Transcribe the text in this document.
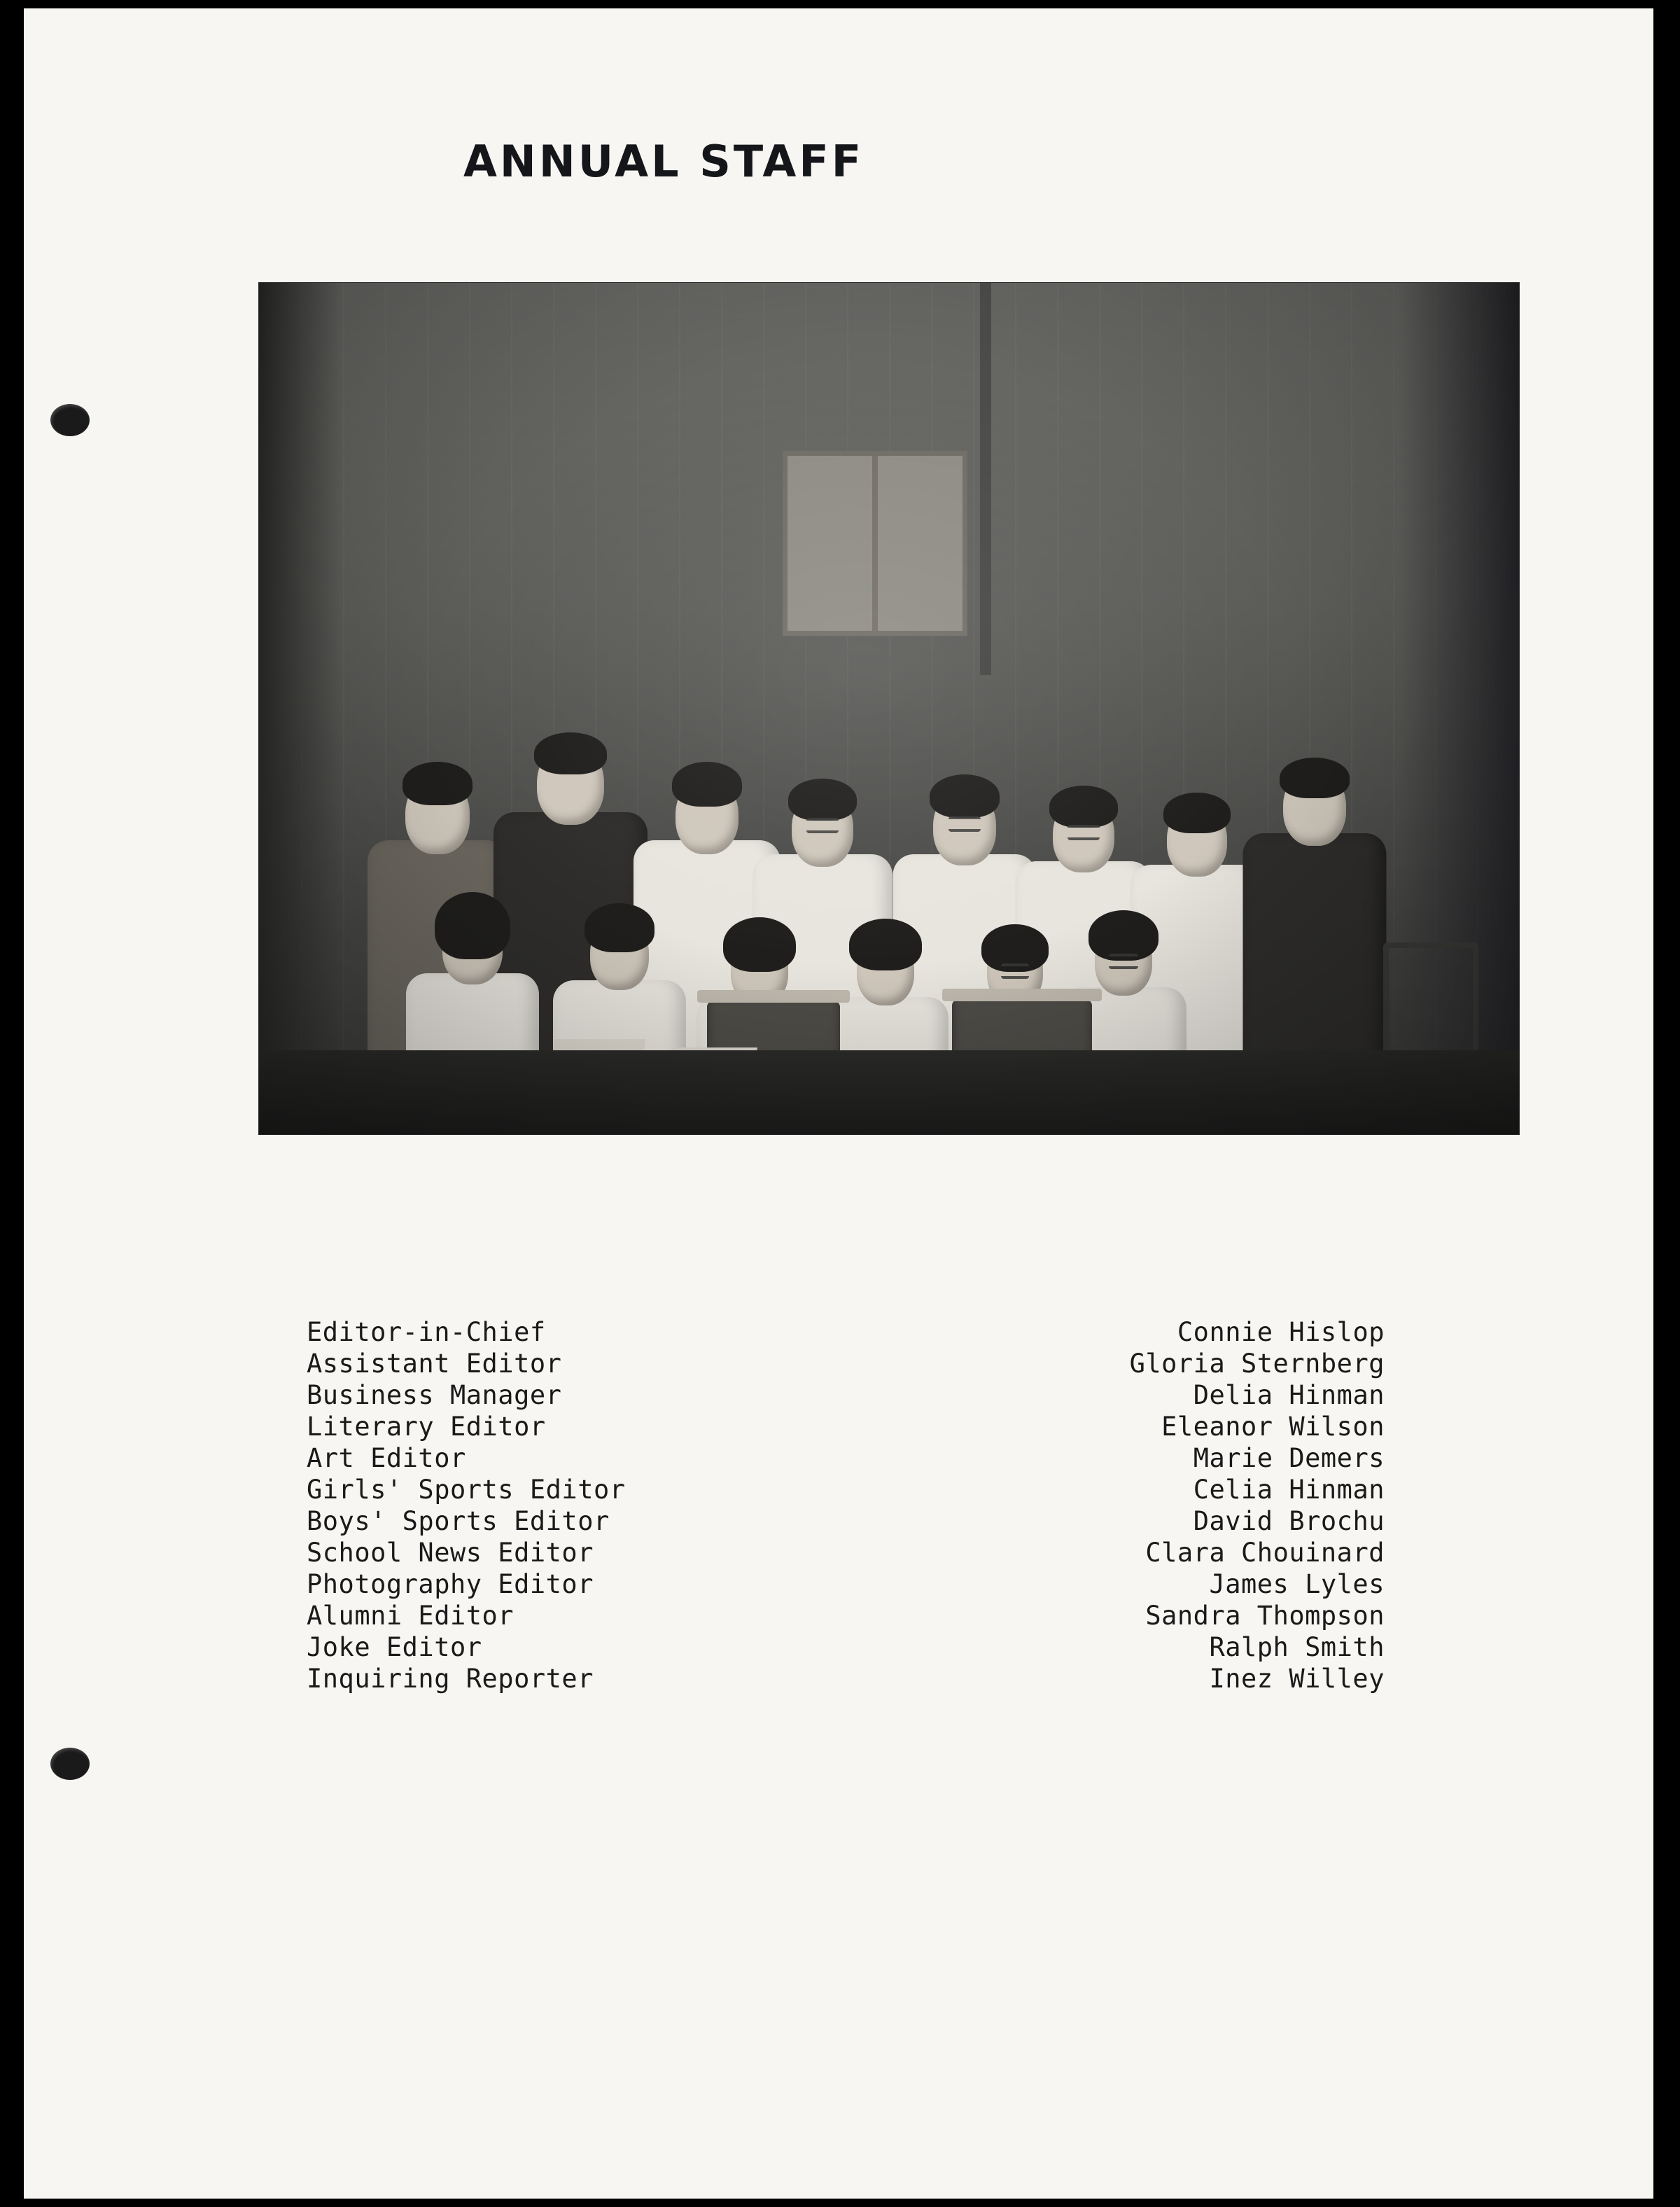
ANNUAL STAFF
Editor-in-Chief	Connie Hislop
Assistant Editor	Gloria Sternberg
Business Manager	Delia Hinman
Literary Editor	Eleanor Wilson
Art Editor	Marie Demers
Girls' Sports Editor	Celia Hinman
Boys' Sports Editor	David Brochu
School News Editor	Clara Chouinard
Photography Editor	James Lyles
Alumni Editor	Sandra Thompson
Joke Editor	Ralph Smith
Inquiring Reporter	Inez Willey
